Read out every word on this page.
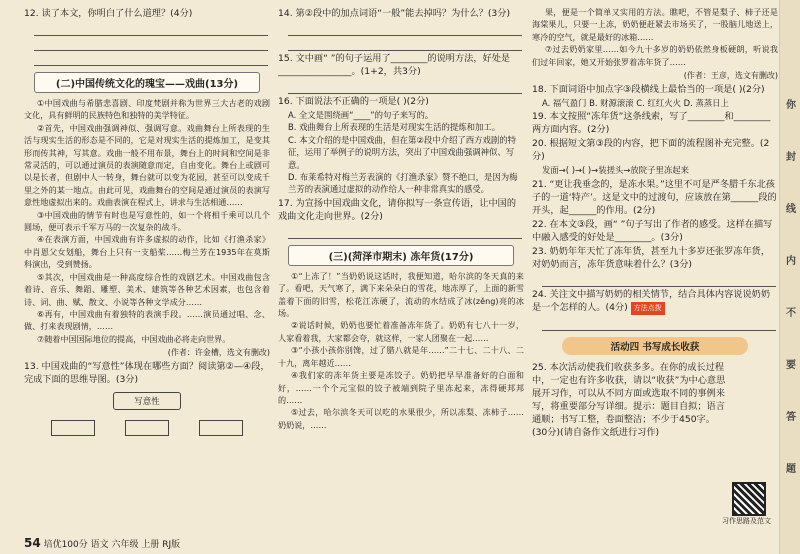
12. 读了本文，你明白了什么道理？(4分)
(二)中国传统文化的瑰宝——戏曲(13分)

①中国戏曲与希腊悲喜剧、印度梵剧并称为世界三大古老的戏剧文化，具有鲜明的民族特色和独特的美学特征。

②首先，中国戏曲强调神似、强调写意。戏曲舞台上所表现的生活与现实生活的形态是不同的，它是对现实生活的提炼加工，是变其形而传其神，写其意。戏曲一般不用布景，舞台上的时间和空间是非常灵活的，可以通过演员的表演随意而定，自由变化。舞台上或剧可以是长者，但剧中人一转身，舞台就可以变为花园，甚至可以变成千里之外的某一地点。由此可见，戏曲舞台的空间是通过演员的表演写意性地虚拟出来的。戏曲表演在程式上，讲求与生活相通……

③中国戏曲的情节有时也是写意性的，如一个将相千乘可以几个圆场，便可表示千军万马的一次复杂的战斗。

④在表演方面，中国戏曲有许多虚拟的动作，比如《打渔杀家》中肖恩父女划船，舞台上只有一支船桨……梅兰芳在1935年在莫斯科演出，受到赞扬。

⑤其次，中国戏曲是一种高度综合性的戏剧艺术。中国戏曲包含着诗、音乐、舞蹈、雕塑、美术、建筑等各种艺术因素，也包含着诗、词、曲、赋、散文、小说等各种文学成分……

⑥再有，中国戏曲有着独特的表演手段。……演员通过唱、念、做、打来表现剧情，……

⑦随着中国国际地位的提高，中国戏曲必将走向世界。

(作者：许金槽，选文有删改)
13. 中国戏曲的“写意性”体现在哪些方面？阅读第②—④段，完成下面的思维导图。(3分)
写意性
14. 第②段中的加点词语“一般”能去掉吗？为什么？(3分)
15. 文中画“ ”的句子运用了________的说明方法，好处是________________。(1+2，共3分)
16. 下面说法不正确的一项是( )(2分)
A. 全文是围绕画“____”的句子来写的。
B. 戏曲舞台上所表现的生活是对现实生活的提炼和加工。
C. 本文介绍的是中国戏曲，但在第②段中介绍了西方戏剧的特征，运用了举例子的说明方法，突出了中国戏曲强调神似、写意。
D. 布莱希特对梅兰芳表演的《打渔杀家》赞不绝口，是因为梅兰芳的表演通过虚拟的动作给人一种非常真实的感受。
17. 为宣扬中国戏曲文化，请你拟写一条宣传语，让中国的戏曲文化走向世界。(2分)
(三)(菏泽市期末) 冻年货(17分)

①“上冻了！”当奶奶说这话时，我便知道，哈尔滨的冬天真的来了。看吧，天气寒了，满下来朵朵白的雪花，地冻厚了，上面的新雪盖着下面的旧雪，松花江冻硬了，流动的水结成了冰(zěng)亮的冰场。

②说话时候，奶奶也要忙着准备冻年货了。奶奶有七八十一岁，人家看着我，大家都会夸，就这样，一家人团聚在一起……

③“小孩小孩你别馋，过了腊八就是年……”二十七、二十八、二十九，离年越近……

④我们家的冻年货主要是冻饺子。奶奶把早早准备好的白面和好，……一个个元宝似的饺子被端到院子里冻起来，冻得硬邦邦的……

⑤过去，哈尔滨冬天可以吃的水果很少，所以冻梨、冻柿子……奶奶说，……

果，便是一个简单又实用的方法。瞧吧，不管是梨子、柿子还是海棠果儿，只要一上冻，奶奶便赶紧去市场买了，一股脑儿地送上，寒冷的空气，就是最好的冰箱……

⑦过去奶奶家里……如今九十多岁的奶奶依然身板硬朗，听说我们过年回家，她又开始张罗着冻年货了……

(作者：王彦，选文有删改)
18. 下面词语中加点字③段横线上最恰当的一项是( )(2分)
A. 福气盈门 B. 财源滚滚 C. 红红火火 D. 蒸蒸日上
19. 本文按照“冻年货”这条线索，写了________和________两方面内容。(2分)
20. 根据短文第③段的内容，把下面的流程图补充完整。(2分)
发面→( )→( )→装搓头→放院子里冻起来
21. “更让我垂念的，是冻水果。”这里不可是严冬腊千东北孩子的一道‘特产’。这是文中的过渡句，应该放在第______段的开头，起______的作用。(2分)
22. 在本文③段，画“ ”句子写出了作者的感受。这样在描写中融入感受的好处是________。(3分)
23. 奶奶年年天忙了冻年货，甚至九十多岁还张罗冻年货，对奶奶而言，冻年货意味着什么？(3分)
24. 关注文中描写奶奶的相关情节，结合具体内容说说奶奶是一个怎样的人。(4分) 方法点拨
活动四 书写成长收获
25. 本次活动使我们收获多多。在你的成长过程中，一定也有许多收获，请以“收获”为中心意思展开习作，可以从不同方面或选取不同的事例来写，将重要部分写详细。提示：题目自拟；语言通顺；书写工整，卷面整洁；不少于450字。(30分)(请自备作文纸进行习作)
习作思路及范文
你
封
线
内
不
要
答
题
54 培优100分 语文 六年级 上册 RJ版
